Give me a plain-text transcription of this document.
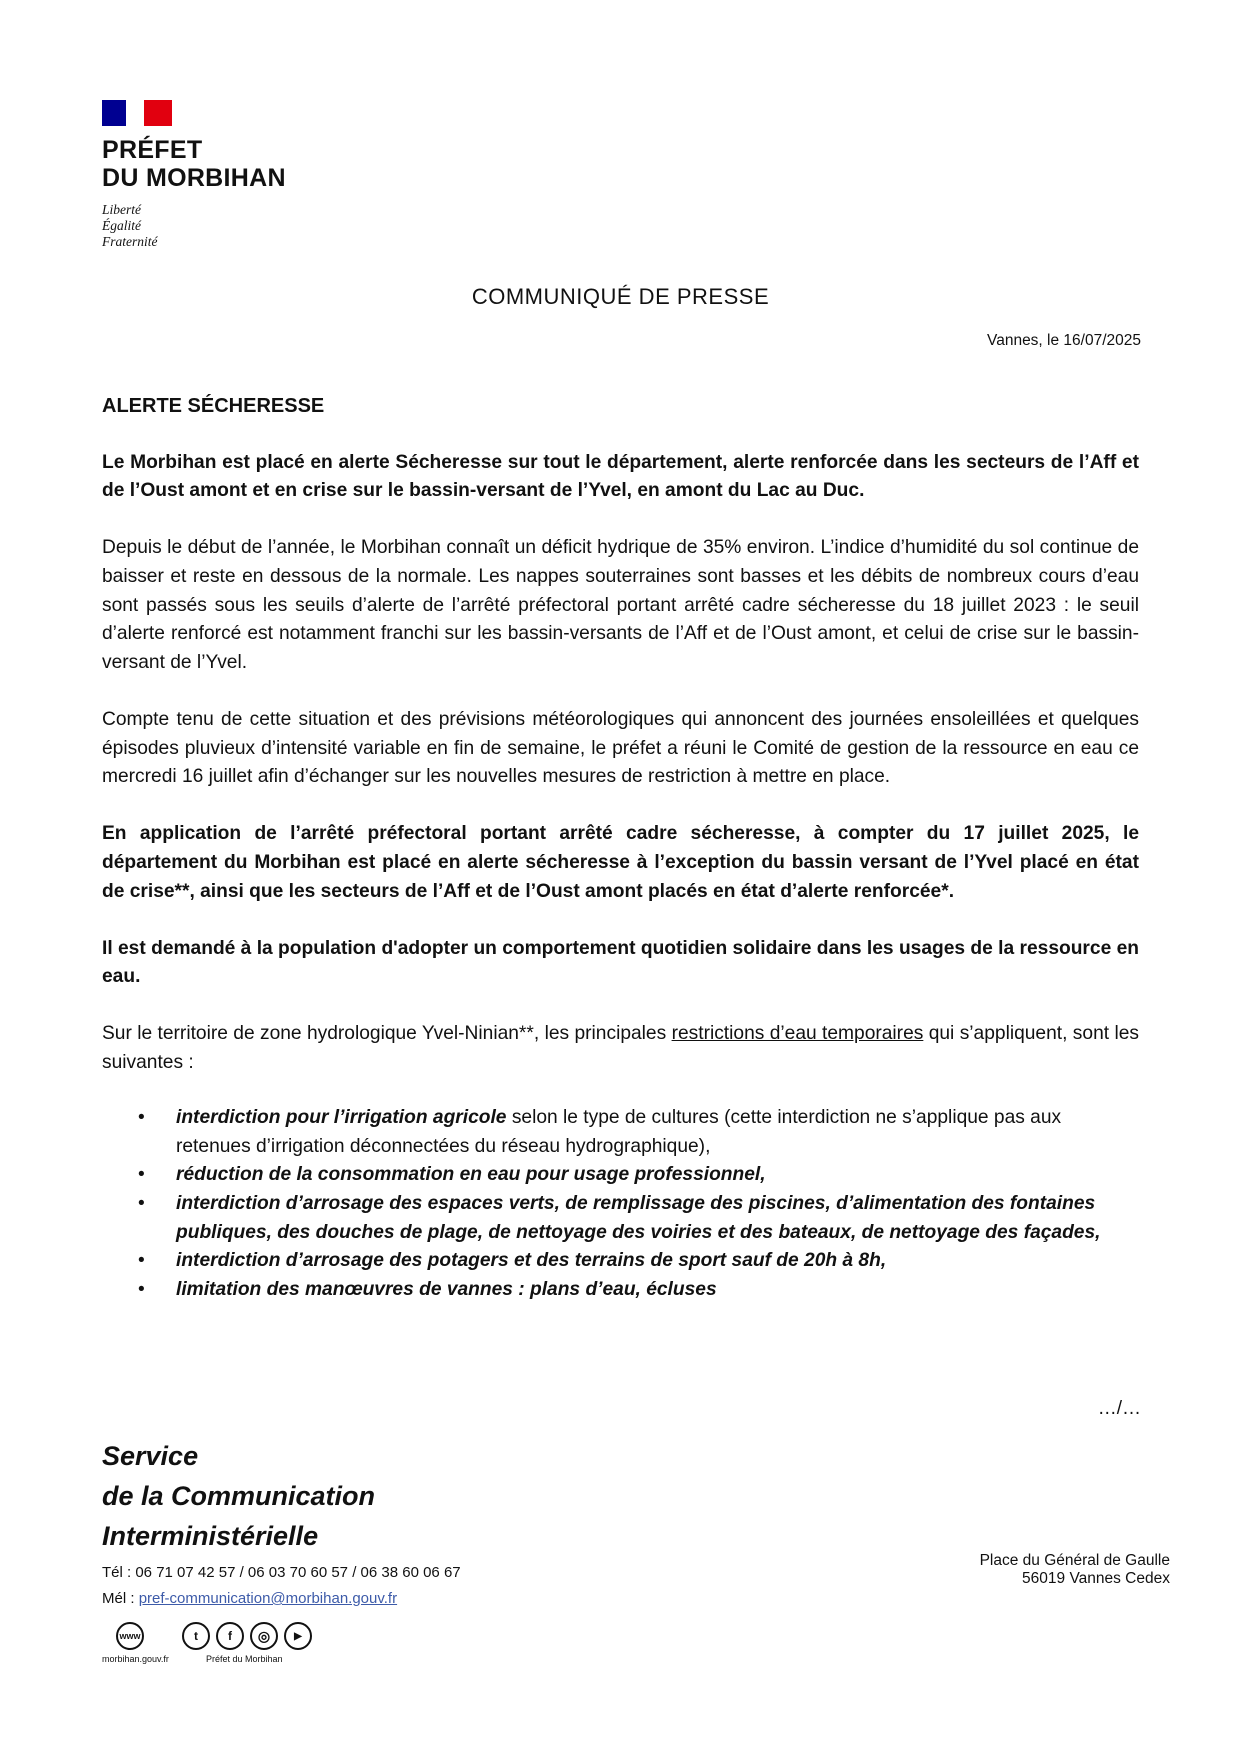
PRÉFET
DU MORBIHAN
Liberté
Égalité
Fraternité
COMMUNIQUÉ DE PRESSE
Vannes, le 16/07/2025

ALERTE SÉCHERESSE

Le Morbihan est placé en alerte Sécheresse sur tout le département, alerte renforcée dans les secteurs de l’Aff et de l’Oust amont et en crise sur le bassin-versant de l’Yvel, en amont du Lac au Duc.

Depuis le début de l’année, le Morbihan connaît un déficit hydrique de 35% environ. L’indice d’humidité du sol continue de baisser et reste en dessous de la normale. Les nappes souterraines sont basses et les débits de nombreux cours d’eau sont passés sous les seuils d’alerte de l’arrêté préfectoral portant arrêté cadre sécheresse du 18 juillet 2023 : le seuil d’alerte renforcé est notamment franchi sur les bassin-versants de l’Aff et de l’Oust amont, et celui de crise sur le bassin-versant de l’Yvel.

Compte tenu de cette situation et des prévisions météorologiques qui annoncent des journées ensoleillées et quelques épisodes pluvieux d’intensité variable en fin de semaine, le préfet a réuni le Comité de gestion de la ressource en eau ce mercredi 16 juillet afin d’échanger sur les nouvelles mesures de restriction à mettre en place.

En application de l’arrêté préfectoral portant arrêté cadre sécheresse, à compter du 17 juillet 2025, le département du Morbihan est placé en alerte sécheresse à l’exception du bassin versant de l’Yvel placé en état de crise**, ainsi que les secteurs de l’Aff et de l’Oust amont placés en état d’alerte renforcée*.

Il est demandé à la population d'adopter un comportement quotidien solidaire dans les usages de la ressource en eau.

Sur le territoire de zone hydrologique Yvel-Ninian**, les principales restrictions d’eau temporaires qui s’appliquent, sont les suivantes :

• interdiction pour l’irrigation agricole selon le type de cultures (cette interdiction ne s’applique pas aux retenues d’irrigation déconnectées du réseau hydrographique),
• réduction de la consommation en eau pour usage professionnel,
• interdiction d’arrosage des espaces verts, de remplissage des piscines, d’alimentation des fontaines publiques, des douches de plage, de nettoyage des voiries et des bateaux, de nettoyage des façades,
• interdiction d’arrosage des potagers et des terrains de sport sauf de 20h à 8h,
• limitation des manœuvres de vannes : plans d’eau, écluses
…/…
Service
de la Communication
Interministérielle
Tél : 06 71 07 42 57 / 06 03 70 60 57 / 06 38 60 06 67
Mél : pref-communication@morbihan.gouv.fr
Place du Général de Gaulle
56019 Vannes Cedex
www
morbihan.gouv.fr
t	f	◎	▶
Préfet du Morbihan
